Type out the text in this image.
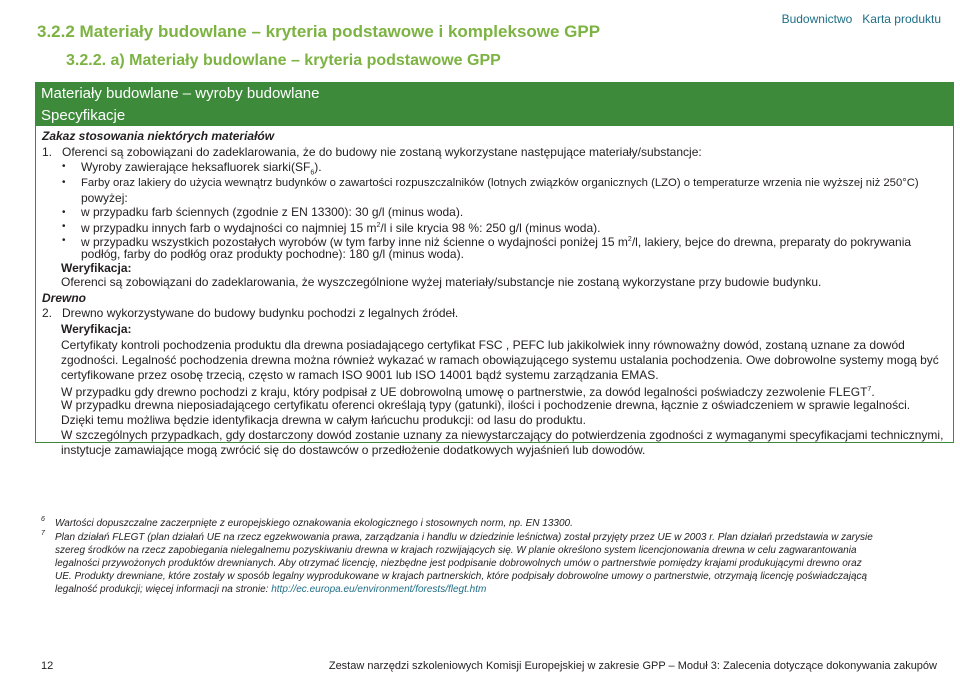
3.2.2 Materiały budowlane – kryteria podstawowe i kompleksowe GPP
Budownictwo   Karta produktu
3.2.2. a) Materiały budowlane – kryteria podstawowe GPP
Materiały budowlane – wyroby budowlane
Specyfikacje
Zakaz stosowania niektórych materiałów
1.   Oferenci są zobowiązani do zadeklarowania, że do budowy nie zostaną wykorzystane następujące materiały/substancje:
• Wyroby zawierające heksafluorek $siarki(SF_6)$.
• Farby oraz lakiery do użycia wewnątrz budynków o zawartości rozpuszczalników (lotnych związków organicznych (LZO) o temperaturze wrzenia nie wyższej niż 250°C)
powyżej:
• w przypadku farb ściennych (zgodnie z EN 13300): 30 g/l (minus woda).
• w przypadku innych farb o wydajności co najmniej 15 $m^2/l$ i sile krycia 98 %: 250 g/l (minus woda).
• w przypadku wszystkich pozostałych wyrobów (w tym farby inne niż ścienne o wydajności poniżej 15 $m^2/l$, lakiery, bejce do drewna, preparaty do pokrywania
podłóg, farby do podłóg oraz produkty pochodne): 180 g/l (minus woda).
Weryfikacja:
Oferenci są zobowiązani do zadeklarowania, że wyszczególnione wyżej materiały/substancje nie zostaną wykorzystane przy budowie budynku.
Drewno
2.   Drewno wykorzystywane do budowy budynku pochodzi z legalnych źródeł.
Weryfikacja:
Certyfikaty kontroli pochodzenia produktu dla drewna posiadającego certyfikat FSC , PEFC lub jakikolwiek inny równoważny dowód, zostaną uznane za dowód
zgodności. Legalność pochodzenia drewna można również wykazać w ramach obowiązującego systemu ustalania pochodzenia. Owe dobrowolne systemy mogą być
certyfikowane przez osobę trzecią, często w ramach ISO 9001 lub ISO 14001 bądź systemu zarządzania EMAS.
W przypadku gdy drewno pochodzi z kraju, który podpisał z UE dobrowolną umowę o partnerstwie, za dowód legalności poświadczy zezwolenie FLEGT$^7$.
W przypadku drewna nieposiadającego certyfikatu oferenci określają typy (gatunki), ilości i pochodzenie drewna, łącznie z oświadczeniem w sprawie legalności.
Dzięki temu możliwa będzie identyfikacja drewna w całym łańcuchu produkcji: od lasu do produktu.
W szczególnych przypadkach, gdy dostarczony dowód zostanie uznany za niewystarczający do potwierdzenia zgodności z wymaganymi specyfikacjami technicznymi,
instytucje zamawiające mogą zwrócić się do dostawców o przedłożenie dodatkowych wyjaśnień lub dowodów.
6 Wartości dopuszczalne zaczerpnięte z europejskiego oznakowania ekologicznego i stosownych norm, np. EN 13300.
7 Plan działań FLEGT (plan działań UE na rzecz egzekwowania prawa, zarządzania i handlu w dziedzinie leśnictwa) został przyjęty przez UE w 2003 r. Plan działań przedstawia w zarysie
szereg środków na rzecz zapobiegania nielegalnemu pozyskiwaniu drewna w krajach rozwijających się. W planie określono system licencjonowania drewna w celu zagwarantowania
legalności przywożonych produktów drewnianych. Aby otrzymać licencję, niezbędne jest podpisanie dobrowolnych umów o partnerstwie pomiędzy krajami produkującymi drewno oraz
UE. Produkty drewniane, które zostały w sposób legalny wyprodukowane w krajach partnerskich, które podpisały dobrowolne umowy o partnerstwie, otrzymają licencję poświadczającą
legalność produkcji; więcej informacji na stronie: http://ec.europa.eu/environment/forests/flegt.htm
12	Zestaw narzędzi szkoleniowych Komisji Europejskiej w zakresie GPP – Moduł 3: Zalecenia dotyczące dokonywania zakupów
